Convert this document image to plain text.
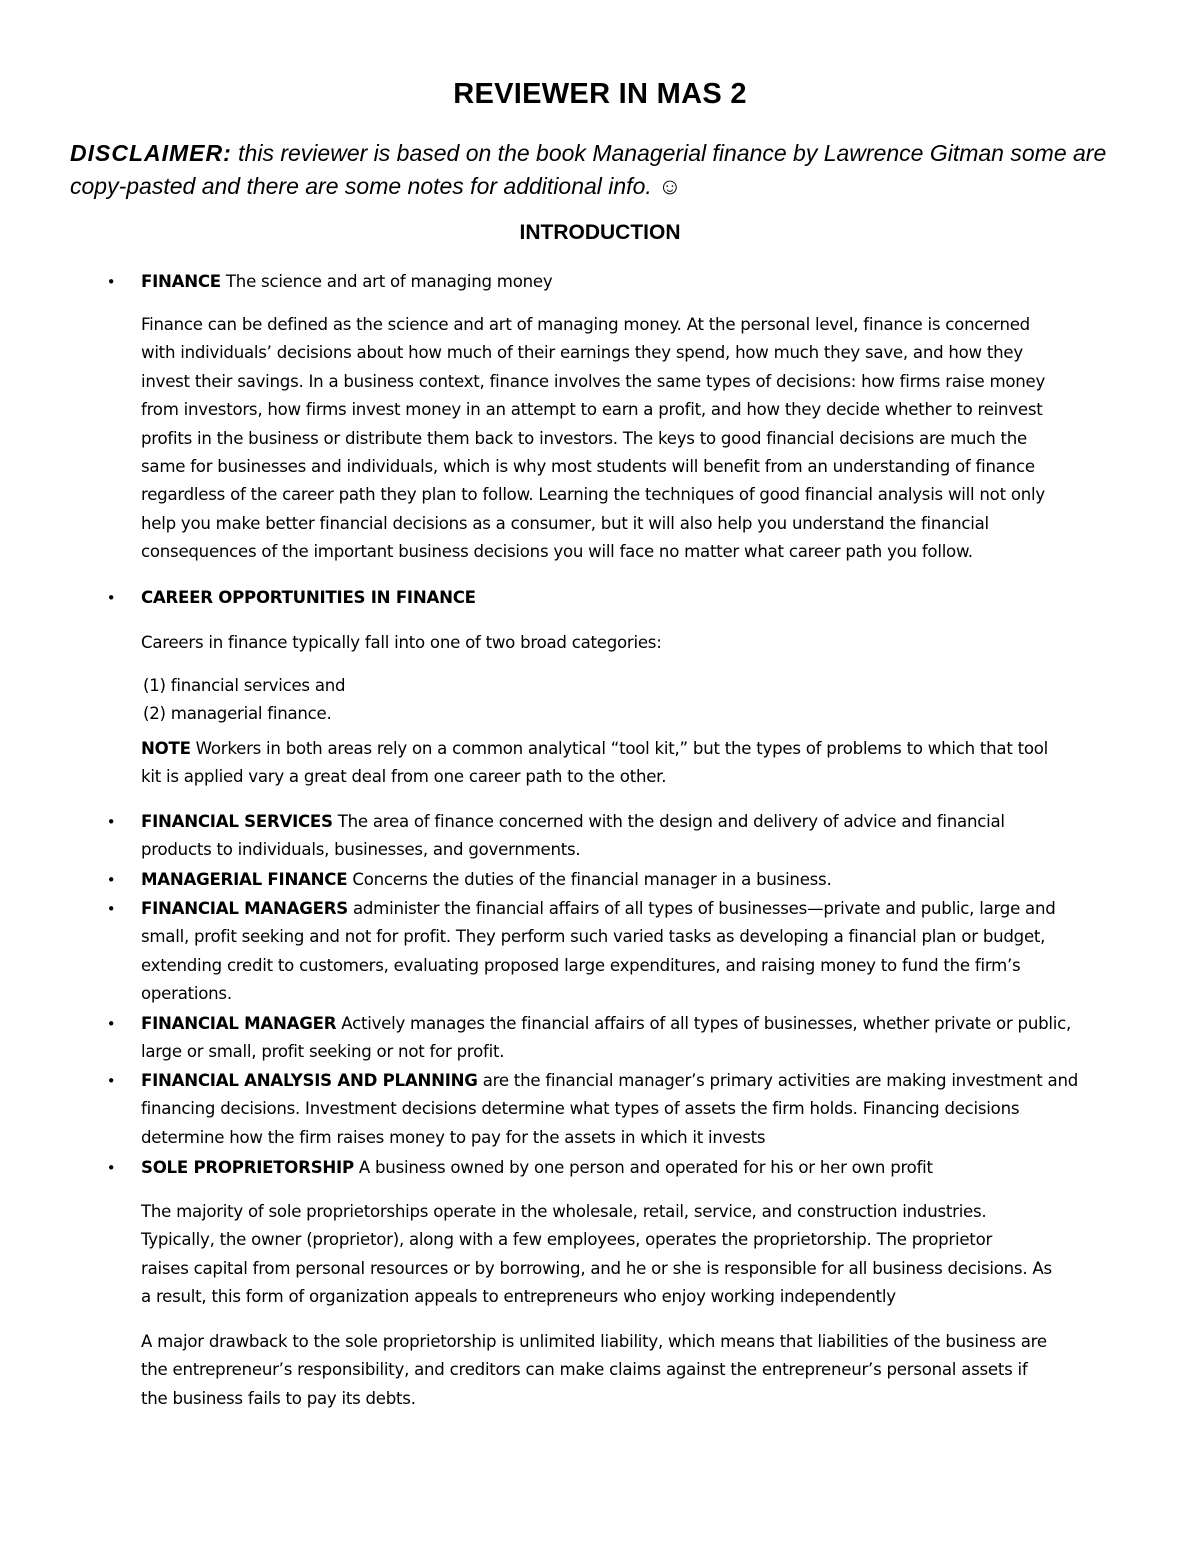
REVIEWER IN MAS 2

DISCLAIMER: this reviewer is based on the book Managerial finance by Lawrence Gitman some are copy-pasted and there are some notes for additional info. ☺

INTRODUCTION
•	FINANCE The science and art of managing money
Finance can be defined as the science and art of managing money. At the personal level, finance is concerned
with individuals’ decisions about how much of their earnings they spend, how much they save, and how they
invest their savings. In a business context, finance involves the same types of decisions: how firms raise money
from investors, how firms invest money in an attempt to earn a profit, and how they decide whether to reinvest
profits in the business or distribute them back to investors. The keys to good financial decisions are much the
same for businesses and individuals, which is why most students will benefit from an understanding of finance
regardless of the career path they plan to follow. Learning the techniques of good financial analysis will not only
help you make better financial decisions as a consumer, but it will also help you understand the financial
consequences of the important business decisions you will face no matter what career path you follow.
•	CAREER OPPORTUNITIES IN FINANCE
Careers in finance typically fall into one of two broad categories:
(1) financial services and
(2) managerial finance.
NOTE Workers in both areas rely on a common analytical “tool kit,” but the types of problems to which that tool
kit is applied vary a great deal from one career path to the other.
•	FINANCIAL SERVICES The area of finance concerned with the design and delivery of advice and financial
products to individuals, businesses, and governments.
•	MANAGERIAL FINANCE Concerns the duties of the financial manager in a business.
•	FINANCIAL MANAGERS administer the financial affairs of all types of businesses—private and public, large and
small, profit seeking and not for profit. They perform such varied tasks as developing a financial plan or budget,
extending credit to customers, evaluating proposed large expenditures, and raising money to fund the firm’s
operations.
•	FINANCIAL MANAGER Actively manages the financial affairs of all types of businesses, whether private or public,
large or small, profit seeking or not for profit.
•	FINANCIAL ANALYSIS AND PLANNING are the financial manager’s primary activities are making investment and
financing decisions. Investment decisions determine what types of assets the firm holds. Financing decisions
determine how the firm raises money to pay for the assets in which it invests
•	SOLE PROPRIETORSHIP A business owned by one person and operated for his or her own profit
The majority of sole proprietorships operate in the wholesale, retail, service, and construction industries.
Typically, the owner (proprietor), along with a few employees, operates the proprietorship. The proprietor
raises capital from personal resources or by borrowing, and he or she is responsible for all business decisions. As
a result, this form of organization appeals to entrepreneurs who enjoy working independently
A major drawback to the sole proprietorship is unlimited liability, which means that liabilities of the business are
the entrepreneur’s responsibility, and creditors can make claims against the entrepreneur’s personal assets if
the business fails to pay its debts.
